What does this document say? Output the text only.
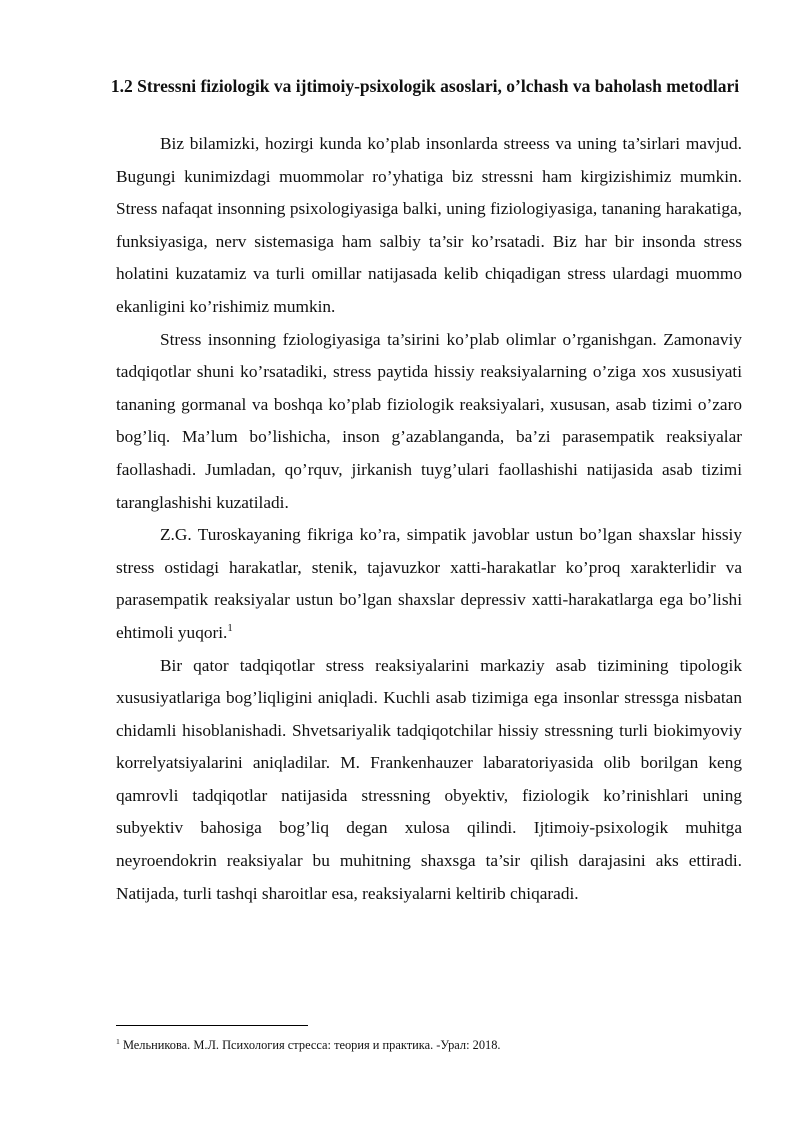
1.2 Stressni fiziologik va ijtimoiy-psixologik asoslari, o’lchash va baholash metodlari

Biz bilamizki, hozirgi kunda ko’plab insonlarda streess va uning ta’sirlari mavjud. Bugungi kunimizdagi muommolar ro’yhatiga biz stressni ham kirgizishimiz mumkin. Stress nafaqat insonning psixologiyasiga balki, uning fiziologiyasiga, tananing harakatiga, funksiyasiga, nerv sistemasiga ham salbiy ta’sir ko’rsatadi. Biz har bir insonda stress holatini kuzatamiz va turli omillar natijasada kelib chiqadigan stress ulardagi muommo ekanligini ko’rishimiz mumkin.

Stress insonning fziologiyasiga ta’sirini ko’plab olimlar o’rganishgan. Zamonaviy tadqiqotlar shuni ko’rsatadiki, stress paytida hissiy reaksiyalarning o’ziga xos xususiyati tananing gormanal va boshqa ko’plab fiziologik reaksiyalari, xususan, asab tizimi o’zaro bog’liq. Ma’lum bo’lishicha, inson g’azablanganda, ba’zi parasempatik reaksiyalar faollashadi. Jumladan, qo’rquv, jirkanish tuyg’ulari faollashishi natijasida asab tizimi taranglashishi kuzatiladi.

Z.G. Turoskayaning fikriga ko’ra, simpatik javoblar ustun bo’lgan shaxslar hissiy stress ostidagi harakatlar, stenik, tajavuzkor xatti-harakatlar ko’proq xarakterlidir va parasempatik reaksiyalar ustun bo’lgan shaxslar depressiv xatti-harakatlarga ega bo’lishi ehtimoli yuqori.$^1$

Bir qator tadqiqotlar stress reaksiyalarini markaziy asab tizimining tipologik xususiyatlariga bog’liqligini aniqladi. Kuchli asab tizimiga ega insonlar stressga nisbatan chidamli hisoblanishadi. Shvetsariyalik tadqiqotchilar hissiy stressning turli biokimyoviy korrelyatsiyalarini aniqladilar. M. Frankenhauzer labaratoriyasida olib borilgan keng qamrovli tadqiqotlar natijasida stressning obyektiv, fiziologik ko’rinishlari uning subyektiv bahosiga bog’liq degan xulosa qilindi. Ijtimoiy-psixologik muhitga neyroendokrin reaksiyalar bu muhitning shaxsga ta’sir qilish darajasini aks ettiradi. Natijada, turli tashqi sharoitlar esa, reaksiyalarni keltirib chiqaradi.

$^1$ Мельникова. М.Л. Психология стресса: теория и практика. -Урал: 2018.
